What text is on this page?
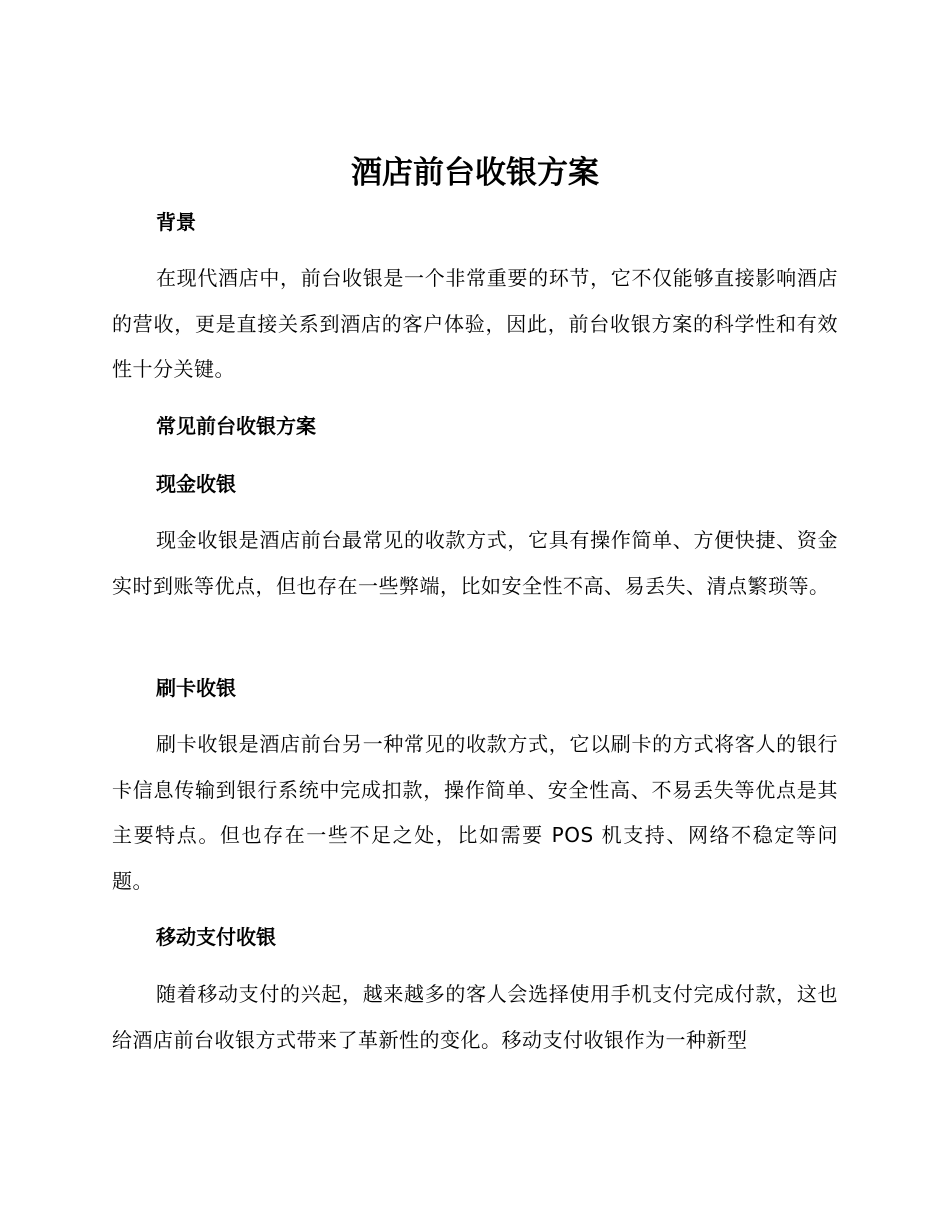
酒店前台收银方案
背景

在现代酒店中，前台收银是一个非常重要的环节，它不仅能够直接影响酒店的营收，更是直接关系到酒店的客户体验，因此，前台收银方案的科学性和有效性十分关键。

常见前台收银方案
现金收银

现金收银是酒店前台最常见的收款方式，它具有操作简单、方便快捷、资金实时到账等优点，但也存在一些弊端，比如安全性不高、易丢失、清点繁琐等。

刷卡收银

刷卡收银是酒店前台另一种常见的收款方式，它以刷卡的方式将客人的银行卡信息传输到银行系统中完成扣款，操作简单、安全性高、不易丢失等优点是其主要特点。但也存在一些不足之处，比如需要 POS 机支持、网络不稳定等问题。

移动支付收银

随着移动支付的兴起，越来越多的客人会选择使用手机支付完成付款，这也给酒店前台收银方式带来了革新性的变化。移动支付收银作为一种新型
